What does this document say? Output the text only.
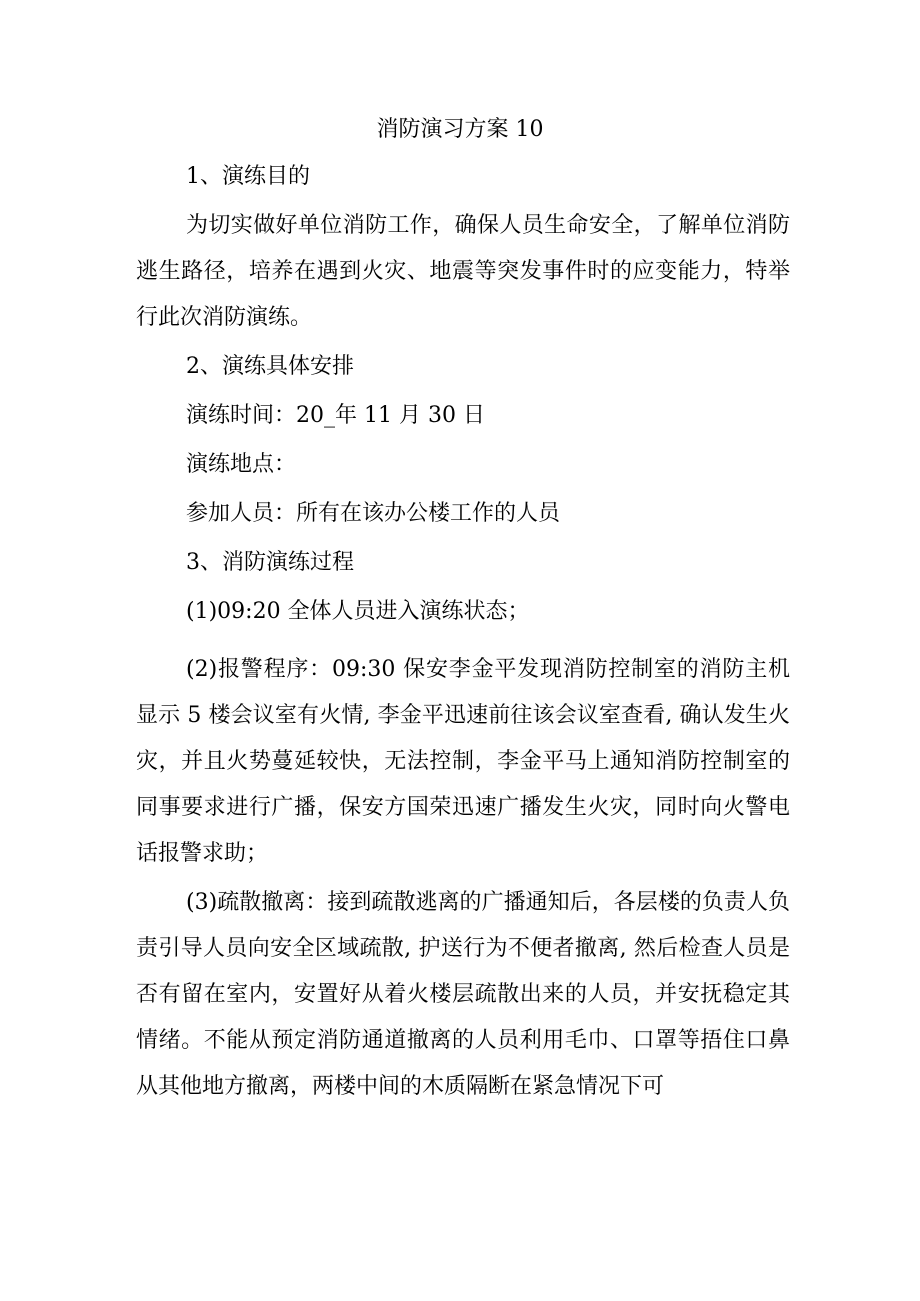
消防演习方案 10

1、演练目的

为切实做好单位消防工作，确保人员生命安全，了解单位消防逃生路径，培养在遇到火灾、地震等突发事件时的应变能力，特举行此次消防演练。

2、演练具体安排

演练时间：20_年 11 月 30 日

演练地点：

参加人员：所有在该办公楼工作的人员

3、消防演练过程

(1)09:20 全体人员进入演练状态；

(2)报警程序：09:30 保安李金平发现消防控制室的消防主机显示 5 楼会议室有火情, 李金平迅速前往该会议室查看, 确认发生火灾，并且火势蔓延较快，无法控制，李金平马上通知消防控制室的同事要求进行广播，保安方国荣迅速广播发生火灾，同时向火警电话报警求助；

(3)疏散撤离：接到疏散逃离的广播通知后，各层楼的负责人负责引导人员向安全区域疏散, 护送行为不便者撤离, 然后检查人员是否有留在室内，安置好从着火楼层疏散出来的人员，并安抚稳定其情绪。不能从预定消防通道撤离的人员利用毛巾、口罩等捂住口鼻从其他地方撤离，两楼中间的木质隔断在紧急情况下可
